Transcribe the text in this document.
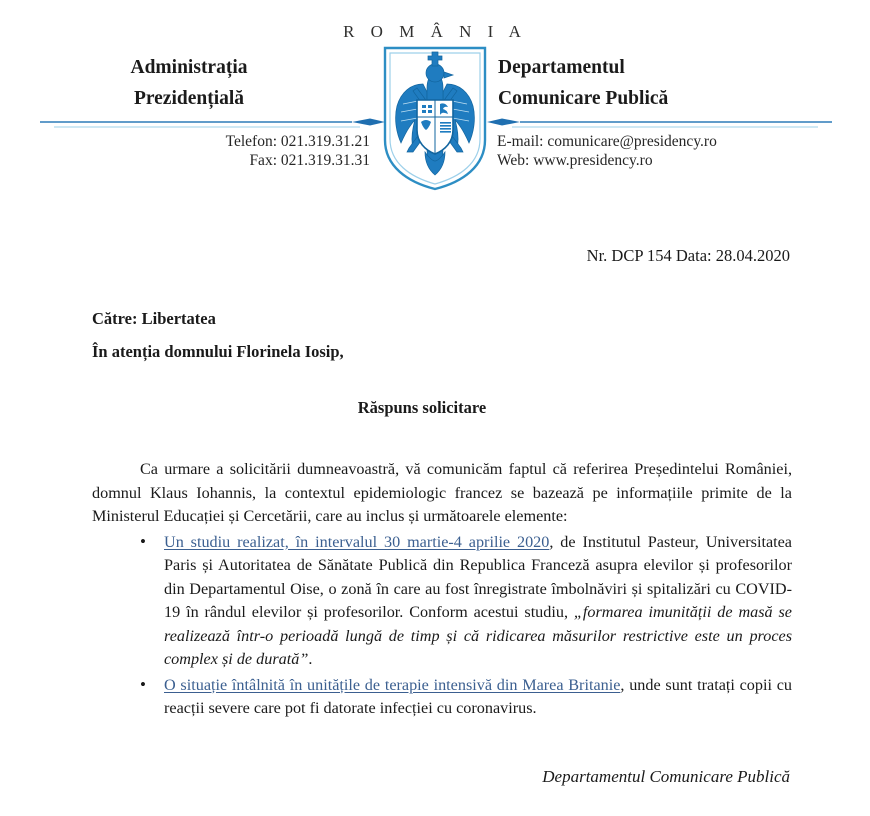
R O M Â N I A
Administrația
Prezidențială
Departamentul
Comunicare Publică
Telefon: 021.319.31.21
Fax: 021.319.31.31
E-mail: comunicare@presidency.ro
Web: www.presidency.ro
Nr. DCP 154 Data: 28.04.2020
Către: Libertatea
În atenția domnului Florinela Iosip,
Răspuns solicitare
Ca urmare a solicitării dumneavoastră, vă comunicăm faptul că referirea Președintelui României, domnul Klaus Iohannis, la contextul epidemiologic francez se bazează pe informațiile primite de la Ministerul Educației și Cercetării, care au inclus și următoarele elemente:
• Un studiu realizat, în intervalul 30 martie-4 aprilie 2020, de Institutul Pasteur, Universitatea Paris și Autoritatea de Sănătate Publică din Republica Franceză asupra elevilor și profesorilor din Departamentul Oise, o zonă în care au fost înregistrate îmbolnăviri și spitalizări cu COVID-19 în rândul elevilor și profesorilor. Conform acestui studiu, „formarea imunității de masă se realizează într-o perioadă lungă de timp și că ridicarea măsurilor restrictive este un proces complex și de durată”.
• O situație întâlnită în unitățile de terapie intensivă din Marea Britanie, unde sunt tratați copii cu reacții severe care pot fi datorate infecției cu coronavirus.
Departamentul Comunicare Publică
